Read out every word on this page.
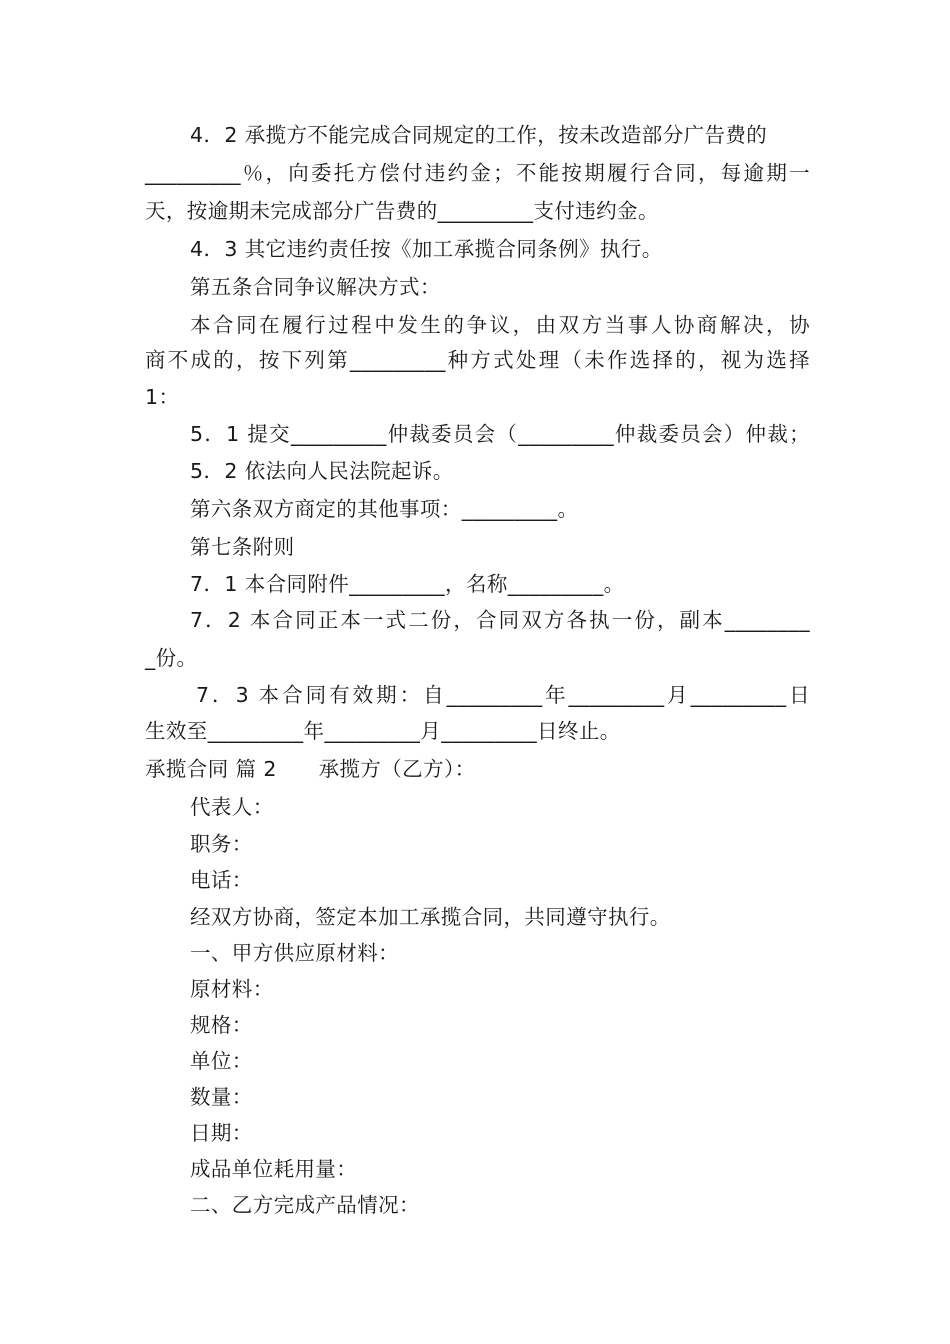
4．2 承揽方不能完成合同规定的工作，按未改造部分广告费的
_________％，向委托方偿付违约金；不能按期履行合同，每逾期一
天，按逾期未完成部分广告费的_________支付违约金。
4．3 其它违约责任按《加工承揽合同条例》执行。
第五条合同争议解决方式：
本合同在履行过程中发生的争议，由双方当事人协商解决，协
商不成的，按下列第_________种方式处理（未作选择的，视为选择
1：
5．1 提交_________仲裁委员会（_________仲裁委员会）仲裁；
5．2 依法向人民法院起诉。
第六条双方商定的其他事项：_________。
第七条附则
7．1 本合同附件_________，名称_________。
7．2 本合同正本一式二份，合同双方各执一份，副本________
_份。
7．3 本合同有效期：自_________年_________月_________日
生效至_________年_________月_________日终止。
承揽合同 篇 2　　承揽方（乙方）：
代表人：
职务：
电话：
经双方协商，签定本加工承揽合同，共同遵守执行。
一、甲方供应原材料：
原材料：
规格：
单位：
数量：
日期：
成品单位耗用量：
二、乙方完成产品情况：
